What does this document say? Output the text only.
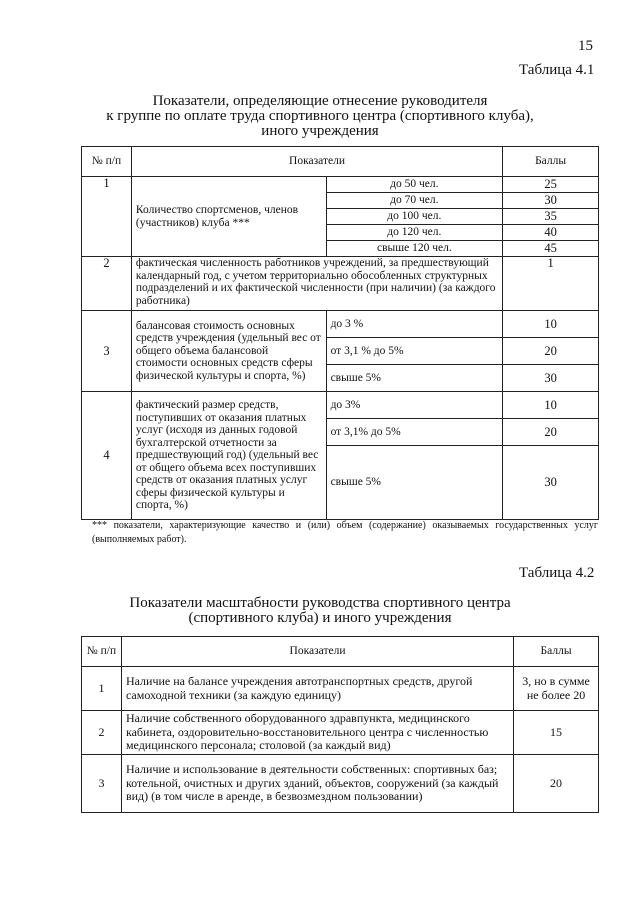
15
Таблица 4.1
Показатели, определяющие отнесение руководителя
к группе по оплате труда спортивного центра (спортивного клуба),
иного учреждения
№ п/п	Показатели		Баллы
1	Количество спортсменов, членов (участников) клуба ***	до 50 чел.	25
		до 70 чел.	30
		до 100 чел.	35
		до 120 чел.	40
		свыше 120 чел.	45
2	фактическая численность работников учреждений, за предшествующий календарный год, с учетом территориально обособленных структурных подразделений и их фактической численности (при наличии) (за каждого работника)		1
3	балансовая стоимость основных средств учреждения (удельный вес от общего объема балансовой стоимости основных средств сферы физической культуры и спорта, %)	до 3 %	10
		от 3,1 % до 5%	20
		свыше 5%	30
4	фактический размер средств, поступивших от оказания платных услуг (исходя из данных годовой бухгалтерской отчетности за предшествующий год) (удельный вес от общего объема всех поступивших средств от оказания платных услуг сферы физической культуры и спорта, %)	до 3%	10
		от 3,1% до 5%	20
		свыше 5%	30
*** показатели, характеризующие качество и (или) объем (содержание) оказываемых государственных услуг (выполняемых работ).
Таблица 4.2
Показатели масштабности руководства спортивного центра
(спортивного клуба) и иного учреждения
№ п/п	Показатели	Баллы
1	Наличие на балансе учреждения автотранспортных средств, другой самоходной техники (за каждую единицу)	3, но в сумме не более 20
2	Наличие собственного оборудованного здравпункта, медицинского кабинета, оздоровительно-восстановительного центра с численностью медицинского персонала; столовой (за каждый вид)	15
3	Наличие и использование в деятельности собственных: спортивных баз; котельной, очистных и других зданий, объектов, сооружений (за каждый вид) (в том числе в аренде, в безвозмездном пользовании)	20
